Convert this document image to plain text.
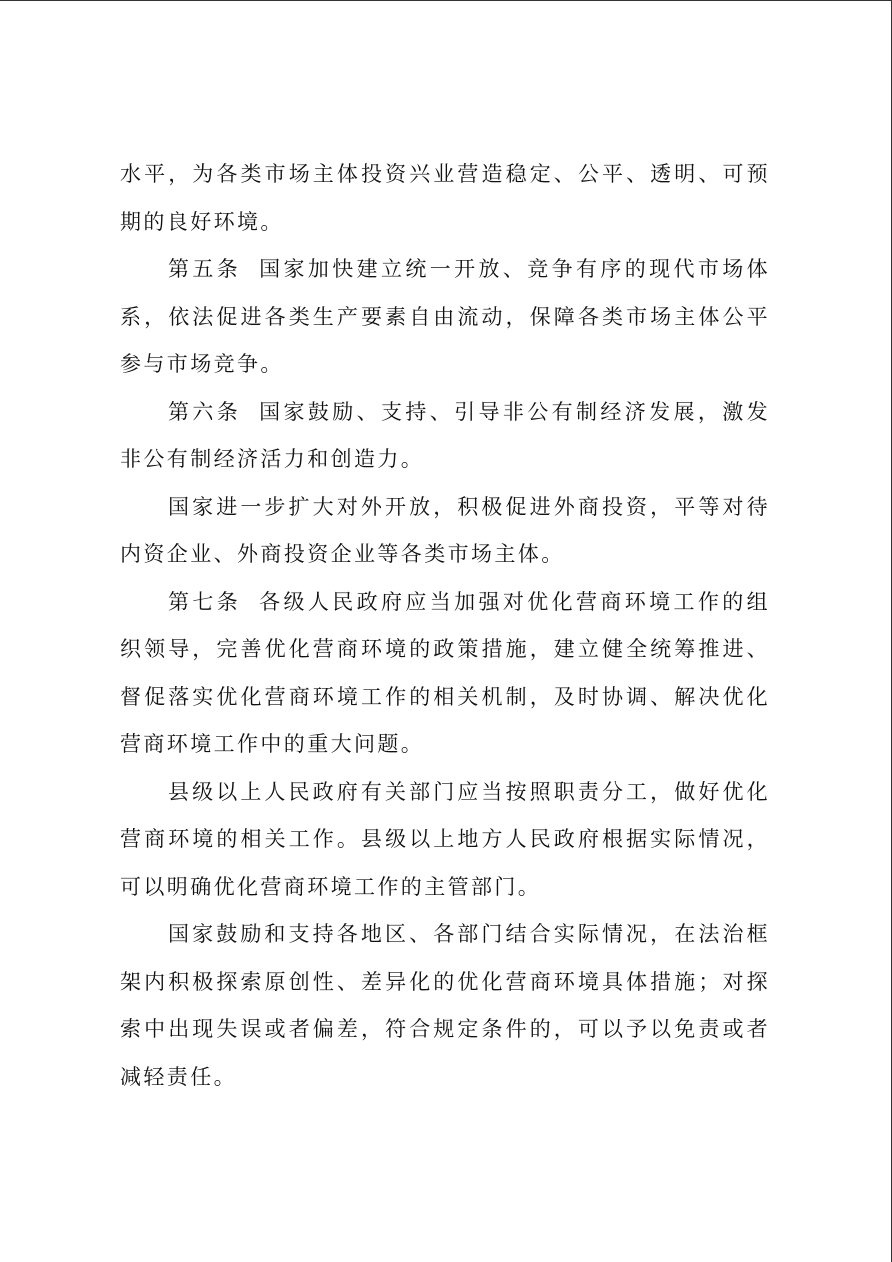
水平，为各类市场主体投资兴业营造稳定、公平、透明、可预期的良好环境。

第五条 国家加快建立统一开放、竞争有序的现代市场体系，依法促进各类生产要素自由流动，保障各类市场主体公平参与市场竞争。

第六条 国家鼓励、支持、引导非公有制经济发展，激发非公有制经济活力和创造力。

国家进一步扩大对外开放，积极促进外商投资，平等对待内资企业、外商投资企业等各类市场主体。

第七条 各级人民政府应当加强对优化营商环境工作的组织领导，完善优化营商环境的政策措施，建立健全统筹推进、督促落实优化营商环境工作的相关机制，及时协调、解决优化营商环境工作中的重大问题。

县级以上人民政府有关部门应当按照职责分工，做好优化营商环境的相关工作。县级以上地方人民政府根据实际情况，可以明确优化营商环境工作的主管部门。

国家鼓励和支持各地区、各部门结合实际情况，在法治框架内积极探索原创性、差异化的优化营商环境具体措施；对探索中出现失误或者偏差，符合规定条件的，可以予以免责或者减轻责任。
